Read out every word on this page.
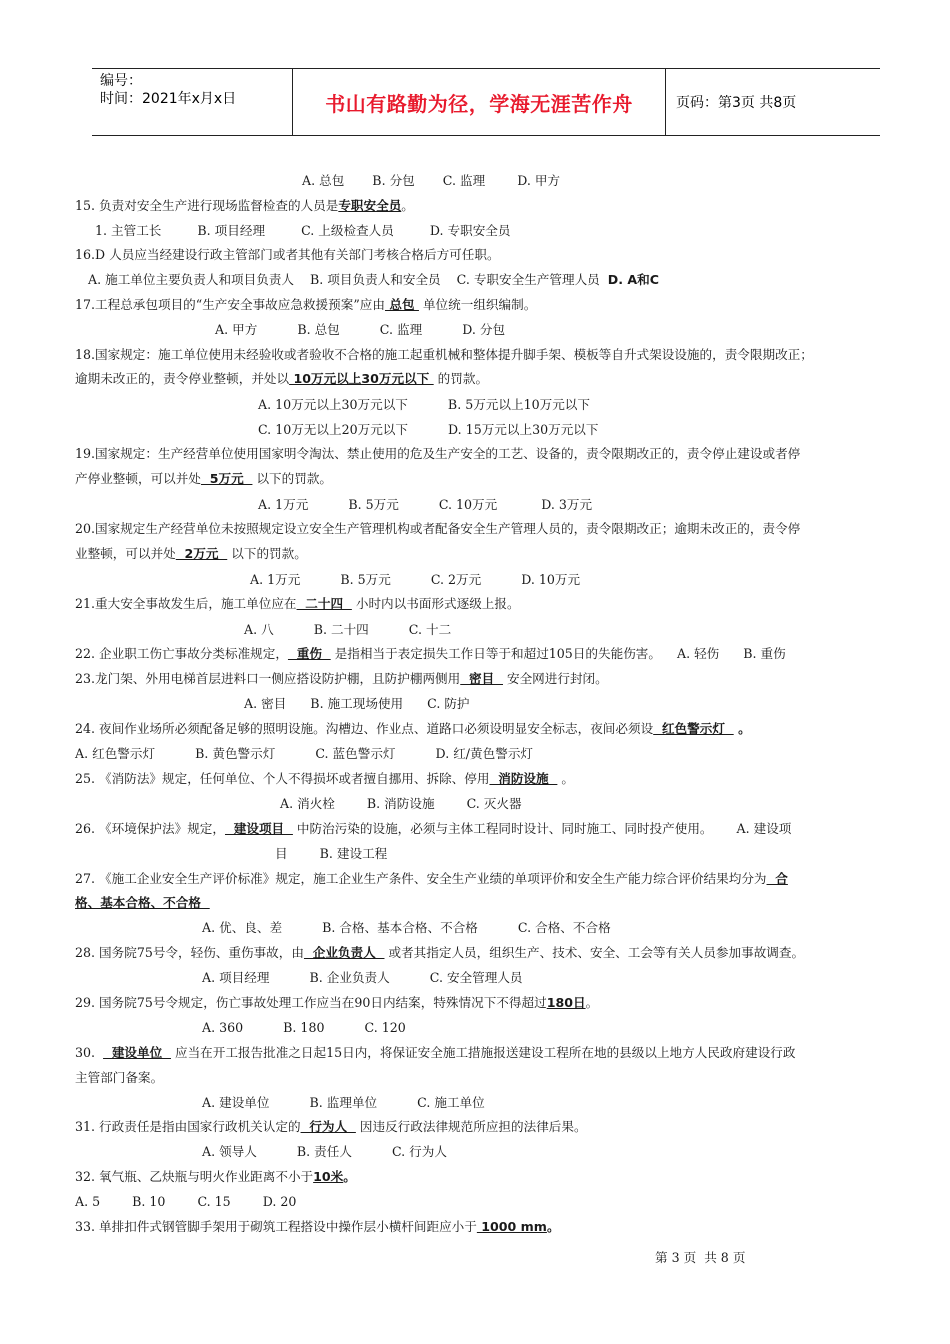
编号：
时间：2021年x月x日	书山有路勤为径，学海无涯苦作舟	页码：第3页 共8页
A. 总包       B. 分包       C. 监理        D. 甲方
15. 负责对安全生产进行现场监督检查的人员是专职安全员。
1. 主管工长         B. 项目经理         C. 上级检查人员         D. 专职安全员
16.D 人员应当经建设行政主管部门或者其他有关部门考核合格后方可任职。
A. 施工单位主要负责人和项目负责人    B. 项目负责人和安全员    C. 专职安全生产管理人员  D. A和C
17.工程总承包项目的“生产安全事故应急救援预案”应由 总包  单位统一组织编制。
A. 甲方          B. 总包          C. 监理          D. 分包
18.国家规定：施工单位使用未经验收或者验收不合格的施工起重机械和整体提升脚手架、模板等自升式架设设施的，责令限期改正；
逾期未改正的，责令停业整顿，并处以 10万元以上30万元以下  的罚款。
A. 10万元以上30万元以下          B. 5万元以上10万元以下
C. 10万无以上20万元以下          D. 15万元以上30万元以下
19.国家规定：生产经营单位使用国家明令淘汰、禁止使用的危及生产安全的工艺、设备的，责令限期改正的，责令停止建设或者停
产停业整顿，可以并处  5万元   以下的罚款。
A. 1万元          B. 5万元          C. 10万元           D. 3万元
20.国家规定生产经营单位未按照规定设立安全生产管理机构或者配备安全生产管理人员的，责令限期改正；逾期未改正的，责令停
业整顿，可以并处  2万元   以下的罚款。
A. 1万元          B. 5万元          C. 2万元          D. 10万元
21.重大安全事故发生后，施工单位应在  二十四   小时内以书面形式逐级上报。
A. 八          B. 二十四          C. 十二
22. 企业职工伤亡事故分类标准规定，  重伤   是指相当于表定损失工作日等于和超过105日的失能伤害。    A. 轻伤      B. 重伤
23.龙门架、外用电梯首层进料口一侧应搭设防护棚，且防护棚两侧用  密目   安全网进行封闭。
A. 密目      B. 施工现场使用      C. 防护
24. 夜间作业场所必须配备足够的照明设施。沟槽边、作业点、道路口必须设明显安全标志，夜间必须设  红色警示灯   。
A. 红色警示灯          B. 黄色警示灯          C. 蓝色警示灯          D. 红/黄色警示灯
25. 《消防法》规定，任何单位、个人不得损坏或者擅自挪用、拆除、停用  消防设施   。
A. 消火栓        B. 消防设施        C. 灭火器
26. 《环境保护法》规定，  建设项目   中防治污染的设施，必须与主体工程同时设计、同时施工、同时投产使用。      A. 建设项
目        B. 建设工程
27. 《施工企业安全生产评价标准》规定，施工企业生产条件、安全生产业绩的单项评价和安全生产能力综合评价结果均分为  合
格、基本合格、不合格
A. 优、良、差          B. 合格、基本合格、不合格          C. 合格、不合格
28. 国务院75号令，轻伤、重伤事故，由  企业负责人   或者其指定人员，组织生产、技术、安全、工会等有关人员参加事故调查。
A. 项目经理          B. 企业负责人          C. 安全管理人员
29. 国务院75号令规定，伤亡事故处理工作应当在90日内结案，特殊情况下不得超过180日。
A. 360          B. 180          C. 120
30.    建设单位   应当在开工报告批准之日起15日内，将保证安全施工措施报送建设工程所在地的县级以上地方人民政府建设行政
主管部门备案。
A. 建设单位          B. 监理单位          C. 施工单位
31. 行政责任是指由国家行政机关认定的  行为人   因违反行政法律规范所应担的法律后果。
A. 领导人          B. 责任人          C. 行为人
32. 氧气瓶、乙炔瓶与明火作业距离不小于10米。
A. 5        B. 10        C. 15        D. 20
33. 单排扣件式钢管脚手架用于砌筑工程搭设中操作层小横杆间距应小于 1000 mm。
第 3 页  共 8 页
